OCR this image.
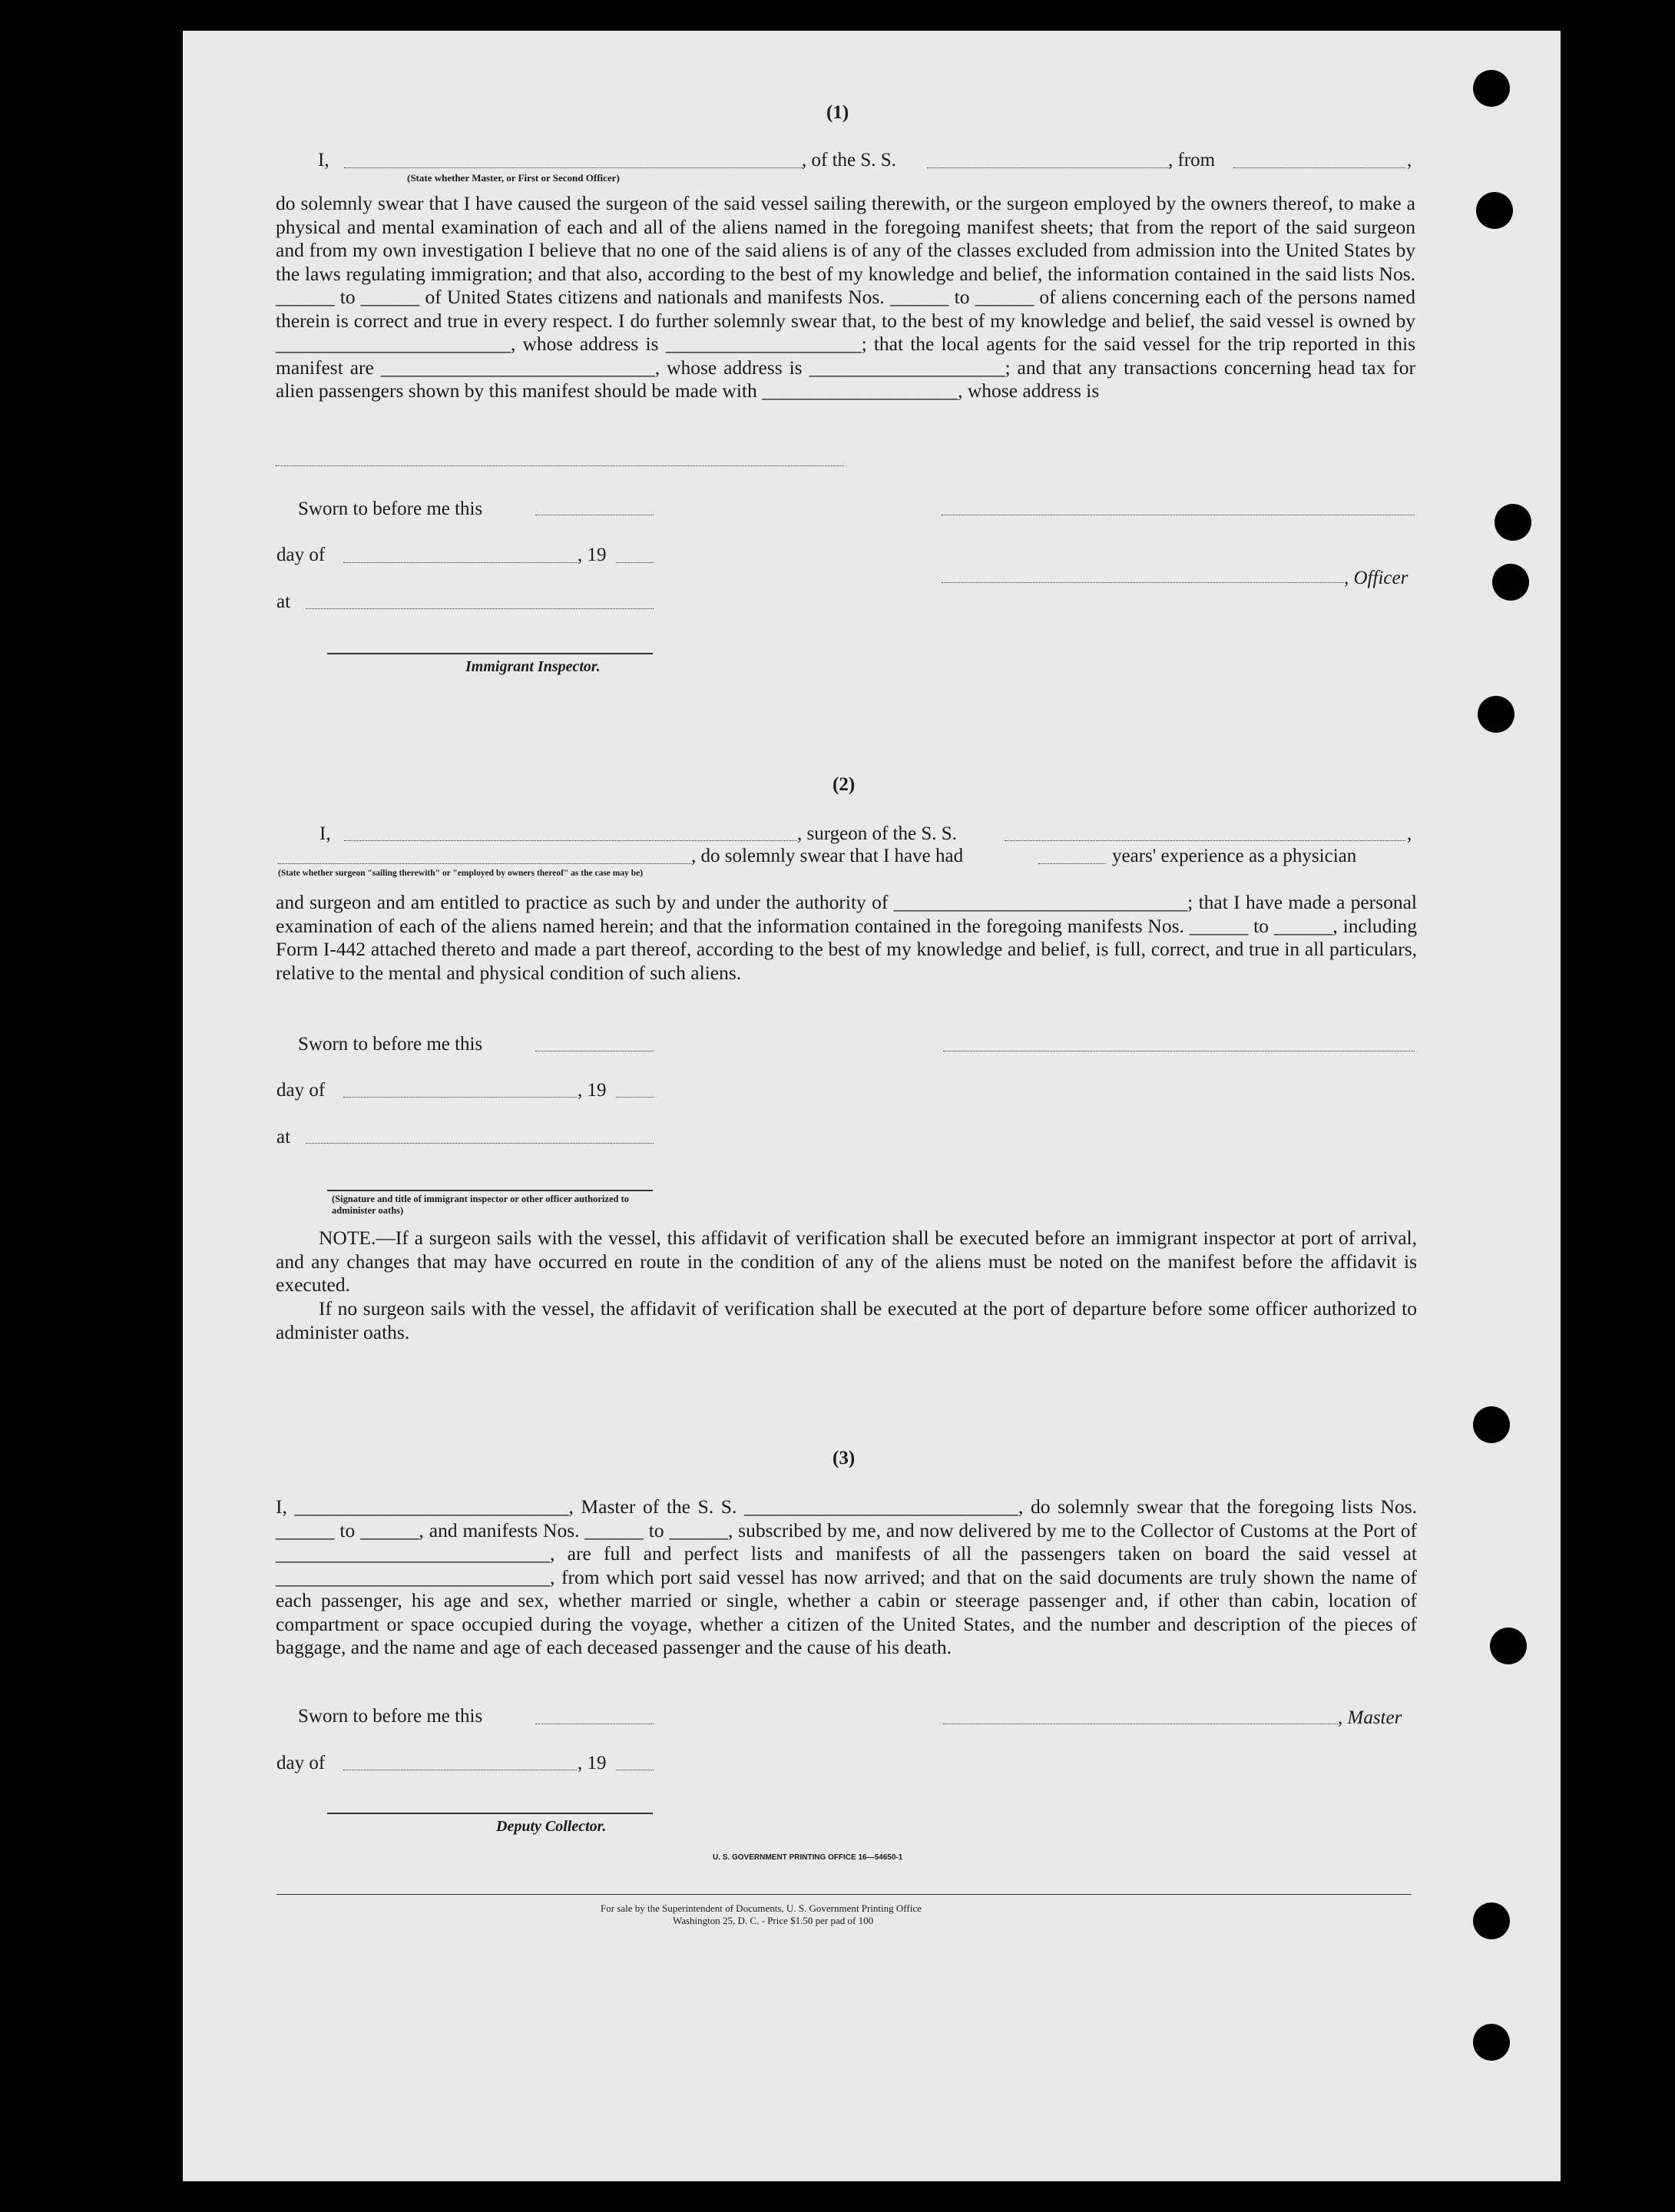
(1)
I,	, of the S. S.	, from	,
(State whether Master, or First or Second Officer)
do solemnly swear that I have caused the surgeon of the said vessel sailing therewith, or the surgeon employed by the owners thereof, to make a physical and mental examination of each and all of the aliens named in the foregoing manifest sheets; that from the report of the said surgeon and from my own investigation I believe that no one of the said aliens is of any of the classes excluded from admission into the United States by the laws regulating immigration; and that also, according to the best of my knowledge and belief, the information contained in the said lists Nos. ______ to ______ of United States citizens and nationals and manifests Nos. ______ to ______ of aliens concerning each of the persons named therein is correct and true in every respect. I do further solemnly swear that, to the best of my knowledge and belief, the said vessel is owned by ________________________, whose address is ____________________; that the local agents for the said vessel for the trip reported in this manifest are ____________________________, whose address is ____________________; and that any transactions concerning head tax for alien passengers shown by this manifest should be made with ____________________, whose address is
Sworn to before me this
day of	, 19
, Officer
at
Immigrant Inspector.
(2)
I,	, surgeon of the S. S.	,
, do solemnly swear that I have had	years' experience as a physician
(State whether surgeon "sailing therewith" or "employed by owners thereof" as the case may be)
and surgeon and am entitled to practice as such by and under the authority of ______________________________; that I have made a personal examination of each of the aliens named herein; and that the information contained in the foregoing manifests Nos. ______ to ______, including Form I-442 attached thereto and made a part thereof, according to the best of my knowledge and belief, is full, correct, and true in all particulars, relative to the mental and physical condition of such aliens.
Sworn to before me this
day of	, 19
at
(Signature and title of immigrant inspector or other officer authorized to administer oaths)
NOTE.—If a surgeon sails with the vessel, this affidavit of verification shall be executed before an immigrant inspector at port of arrival, and any changes that may have occurred en route in the condition of any of the aliens must be noted on the manifest before the affidavit is executed.
If no surgeon sails with the vessel, the affidavit of verification shall be executed at the port of departure before some officer authorized to administer oaths.
(3)
I, ____________________________, Master of the S. S. ____________________________, do solemnly swear that the foregoing lists Nos. ______ to ______, and manifests Nos. ______ to ______, subscribed by me, and now delivered by me to the Collector of Customs at the Port of ____________________________, are full and perfect lists and manifests of all the passengers taken on board the said vessel at ____________________________, from which port said vessel has now arrived; and that on the said documents are truly shown the name of each passenger, his age and sex, whether married or single, whether a cabin or steerage passenger and, if other than cabin, location of compartment or space occupied during the voyage, whether a citizen of the United States, and the number and description of the pieces of baggage, and the name and age of each deceased passenger and the cause of his death.
Sworn to before me this	, Master
day of	, 19
Deputy Collector.
U. S. GOVERNMENT PRINTING OFFICE 16—54650-1
For sale by the Superintendent of Documents, U. S. Government Printing Office
Washington 25, D. C. - Price $1.50 per pad of 100
